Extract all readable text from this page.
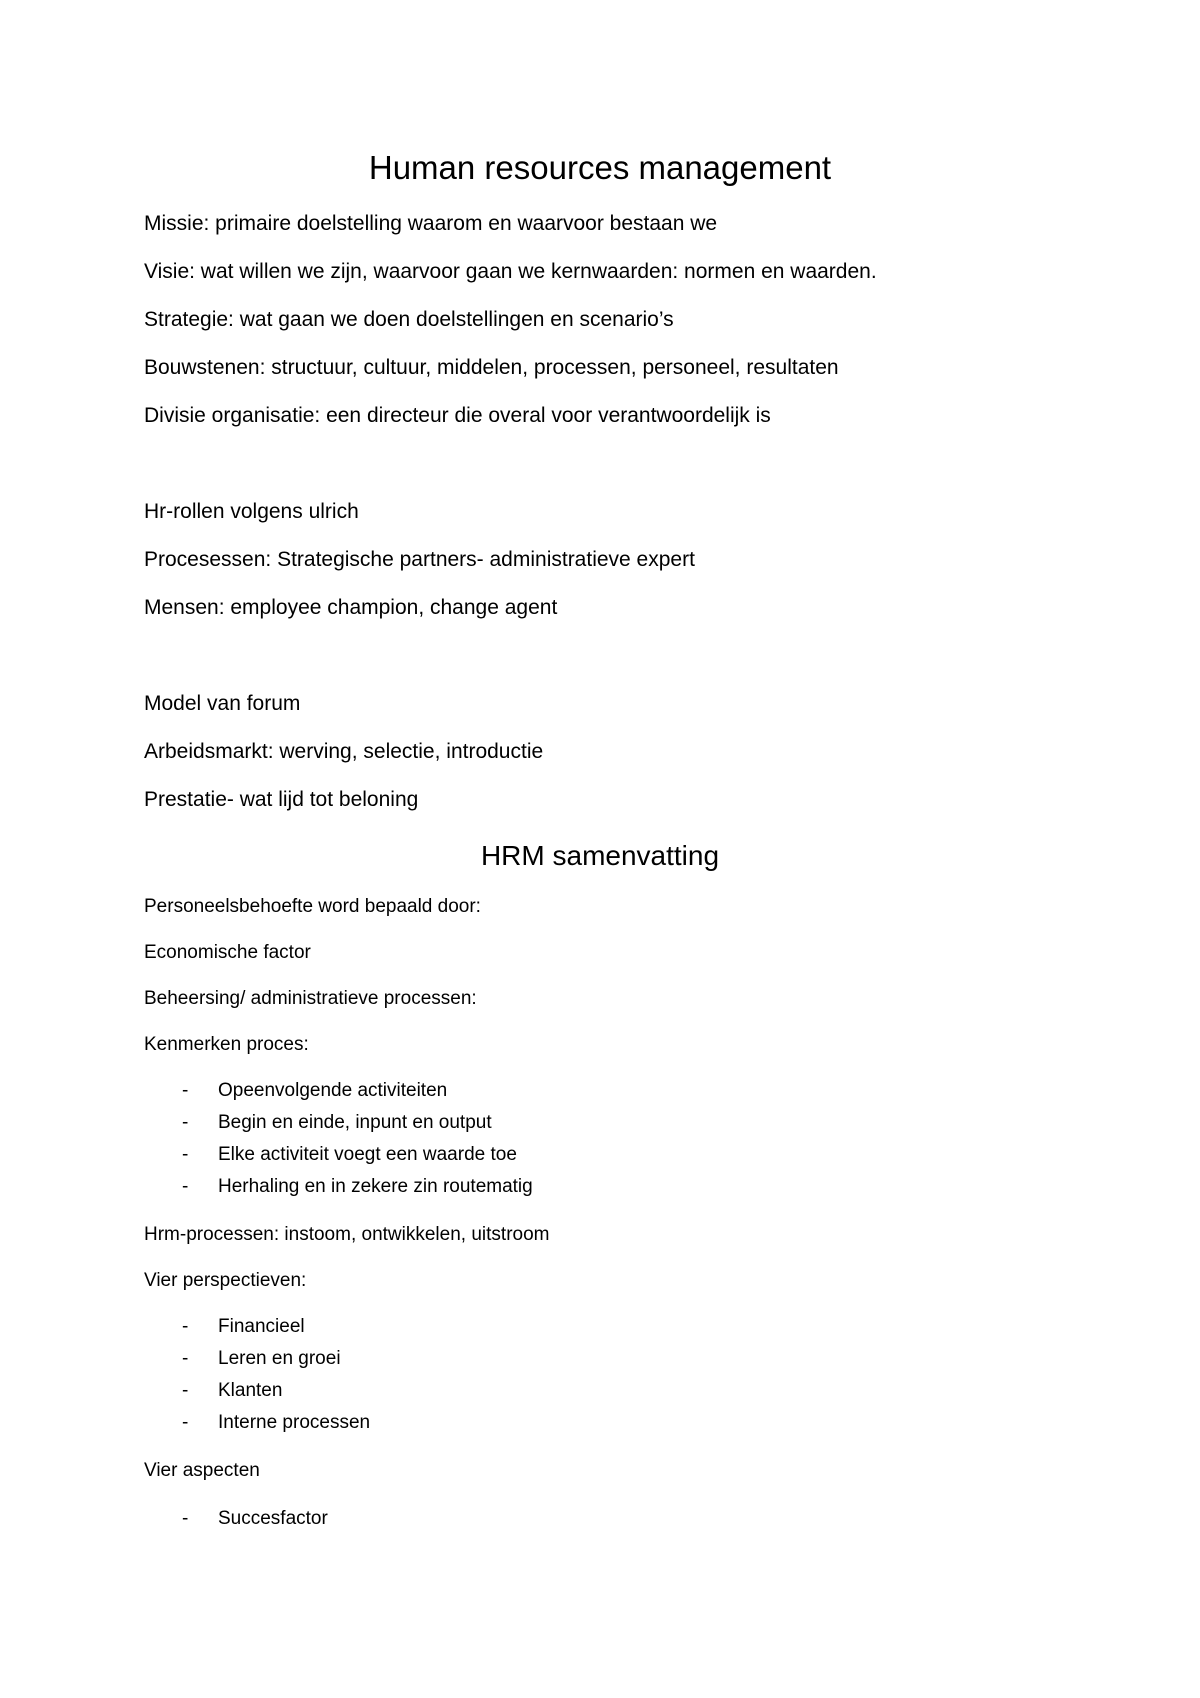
Human resources management

Missie: primaire doelstelling waarom en waarvoor bestaan we

Visie: wat willen we zijn, waarvoor gaan we kernwaarden: normen en waarden.

Strategie: wat gaan we doen doelstellingen en scenario’s

Bouwstenen: structuur, cultuur, middelen, processen, personeel, resultaten

Divisie organisatie: een directeur die overal voor verantwoordelijk is

Hr-rollen volgens ulrich

Procesessen: Strategische partners- administratieve expert

Mensen: employee champion, change agent

Model van forum

Arbeidsmarkt: werving, selectie, introductie

Prestatie- wat lijd tot beloning

HRM samenvatting

Personeelsbehoefte word bepaald door:

Economische factor

Beheersing/ administratieve processen:

Kenmerken proces:

- Opeenvolgende activiteiten
- Begin en einde, inpunt en output
- Elke activiteit voegt een waarde toe
- Herhaling en in zekere zin routematig

Hrm-processen: instoom, ontwikkelen, uitstroom

Vier perspectieven:

- Financieel
- Leren en groei
- Klanten
- Interne processen

Vier aspecten

- Succesfactor
